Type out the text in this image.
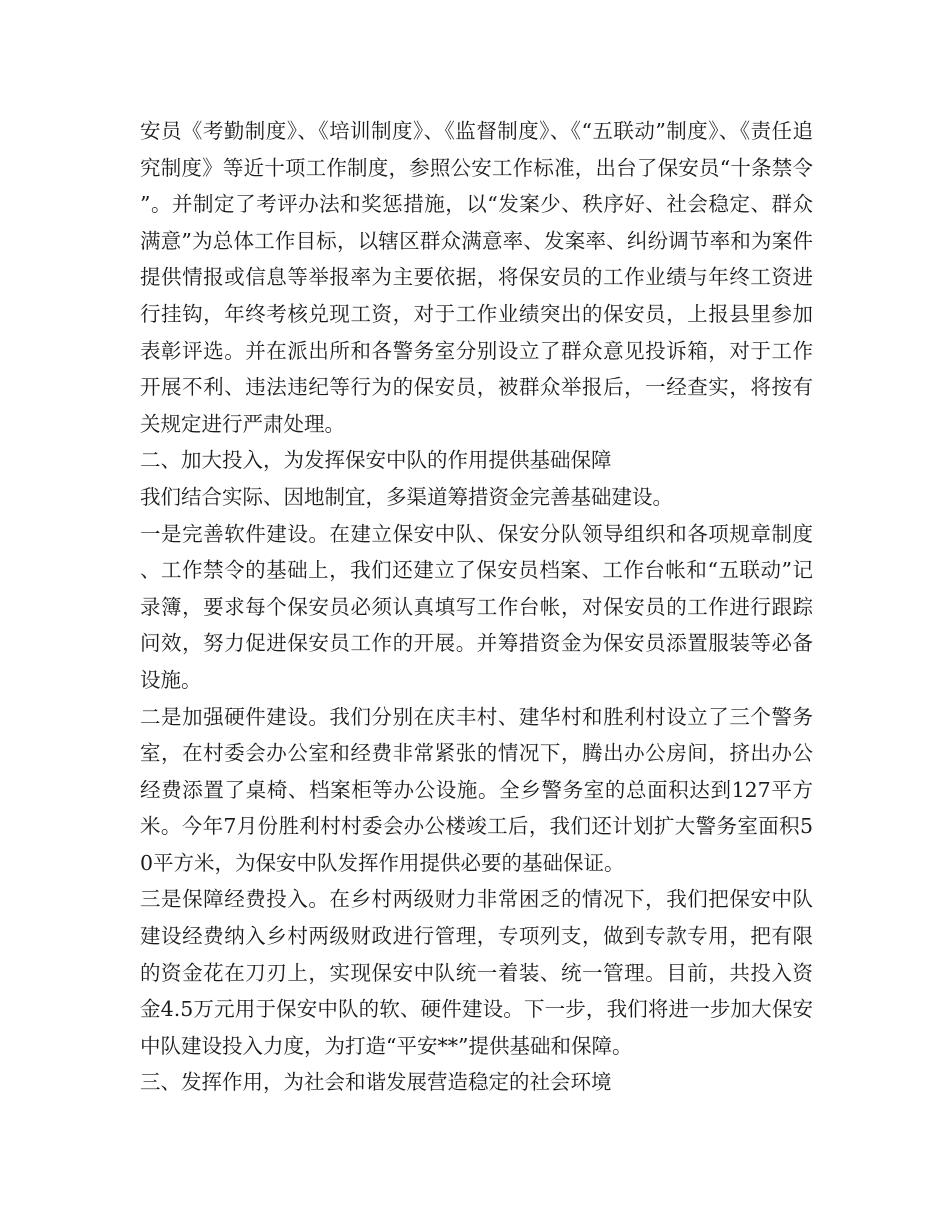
安员《考勤制度》、《培训制度》、《监督制度》、《“五联动”制度》、《责任追究制度》等近十项工作制度，参照公安工作标准，出台了保安员“十条禁令”。并制定了考评办法和奖惩措施，以“发案少、秩序好、社会稳定、群众满意”为总体工作目标，以辖区群众满意率、发案率、纠纷调节率和为案件提供情报或信息等举报率为主要依据，将保安员的工作业绩与年终工资进行挂钩，年终考核兑现工资，对于工作业绩突出的保安员，上报县里参加表彰评选。并在派出所和各警务室分别设立了群众意见投诉箱，对于工作开展不利、违法违纪等行为的保安员，被群众举报后，一经查实，将按有关规定进行严肃处理。

二、加大投入，为发挥保安中队的作用提供基础保障

我们结合实际、因地制宜，多渠道筹措资金完善基础建设。

一是完善软件建设。在建立保安中队、保安分队领导组织和各项规章制度、工作禁令的基础上，我们还建立了保安员档案、工作台帐和“五联动”记录簿，要求每个保安员必须认真填写工作台帐，对保安员的工作进行跟踪问效，努力促进保安员工作的开展。并筹措资金为保安员添置服装等必备设施。

二是加强硬件建设。我们分别在庆丰村、建华村和胜利村设立了三个警务室，在村委会办公室和经费非常紧张的情况下，腾出办公房间，挤出办公经费添置了桌椅、档案柜等办公设施。全乡警务室的总面积达到127平方米。今年7月份胜利村村委会办公楼竣工后，我们还计划扩大警务室面积50平方米，为保安中队发挥作用提供必要的基础保证。

三是保障经费投入。在乡村两级财力非常困乏的情况下，我们把保安中队建设经费纳入乡村两级财政进行管理，专项列支，做到专款专用，把有限的资金花在刀刃上，实现保安中队统一着装、统一管理。目前，共投入资金4.5万元用于保安中队的软、硬件建设。下一步，我们将进一步加大保安中队建设投入力度，为打造“平安**”提供基础和保障。

三、发挥作用，为社会和谐发展营造稳定的社会环境
